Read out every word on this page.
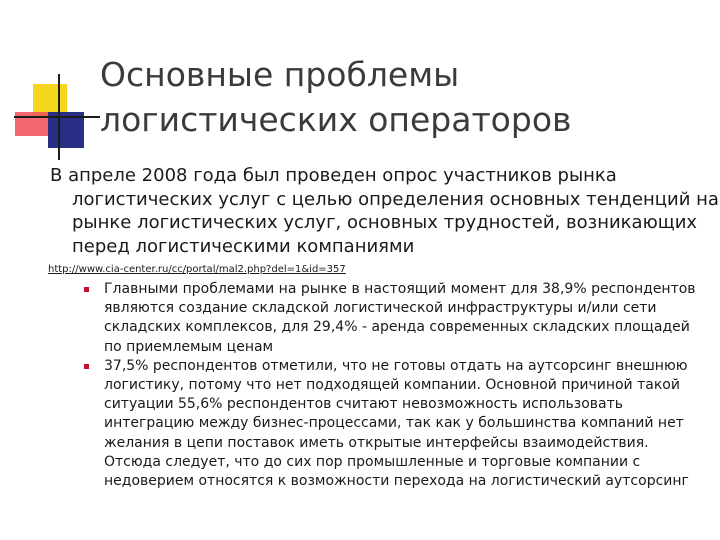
Основные проблемы логистических операторов

В апреле 2008 года был проведен опрос участников рынка логистических услуг с целью определения основных тенденций на рынке логистических услуг, основных трудностей, возникающих перед логистическими компаниями

http://www.cia-center.ru/cc/portal/mal2.php?del=1&id=357
Главными проблемами на рынке в настоящий момент для 38,9% респондентов являются создание складской логистической инфраструктуры и/или сети складских комплексов, для 29,4% - аренда современных складских площадей по приемлемым ценам
37,5% респондентов отметили, что не готовы отдать на аутсорсинг внешнюю логистику, потому что нет подходящей компании. Основной причиной такой ситуации 55,6% респондентов считают невозможность использовать интеграцию между бизнес-процессами, так как у большинства компаний нет желания в цепи поставок иметь открытые интерфейсы взаимодействия. Отсюда следует, что до сих пор промышленные и торговые компании с недоверием относятся к возможности перехода на логистический аутсорсинг
